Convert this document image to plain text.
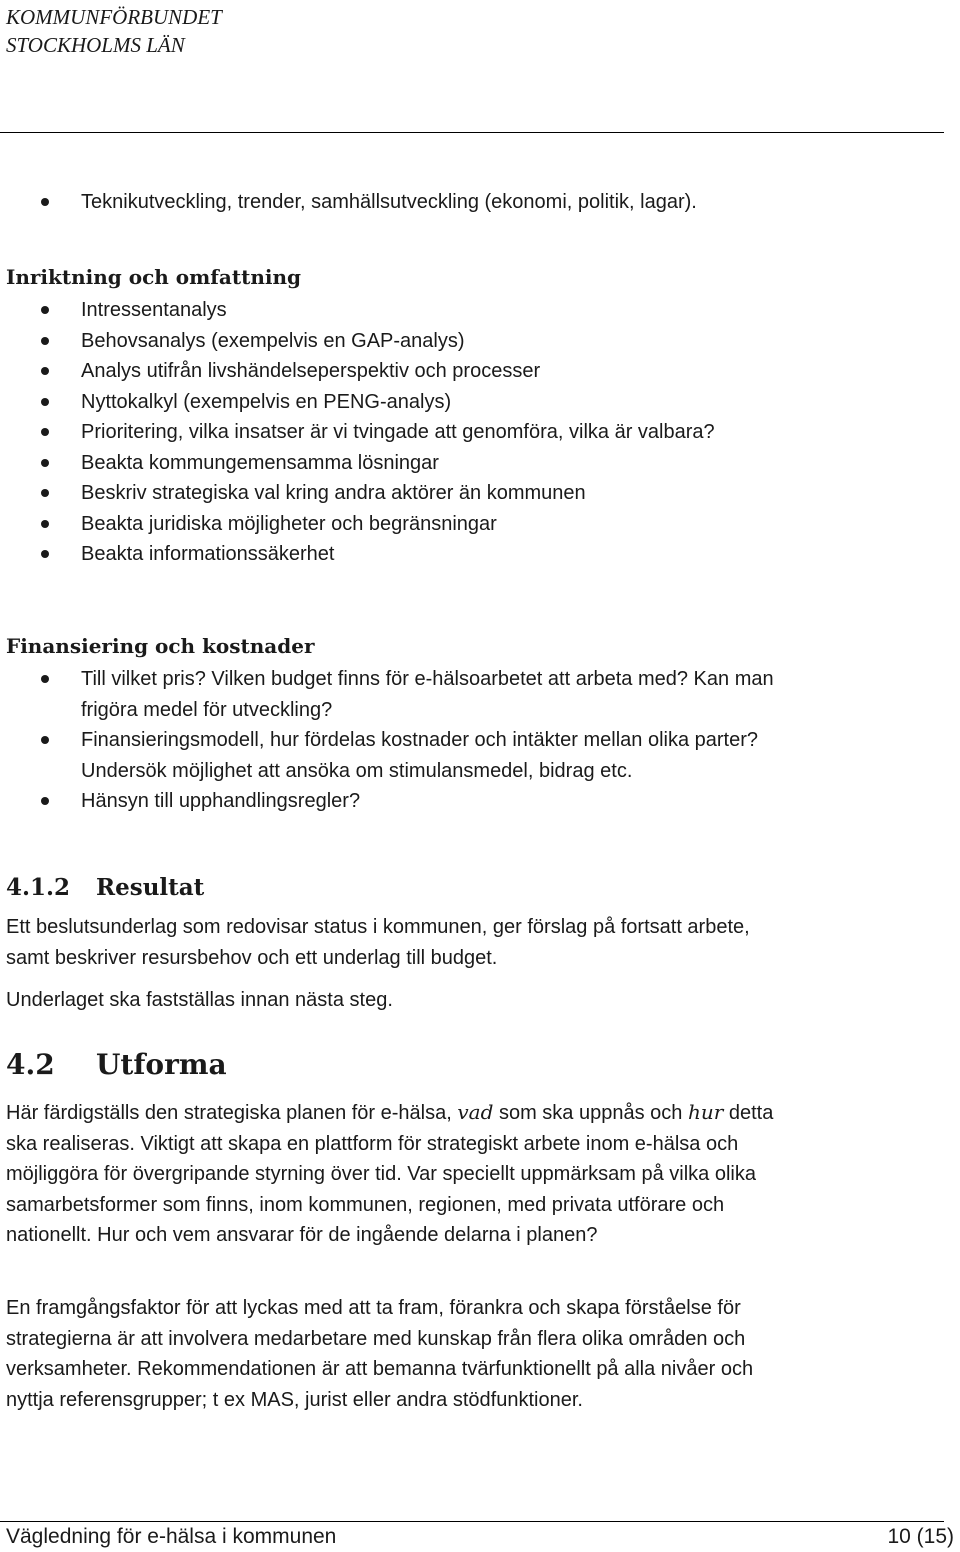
KOMMUNFÖRBUNDET
STOCKHOLMS LÄN
Teknikutveckling, trender, samhällsutveckling (ekonomi, politik, lagar).
Inriktning och omfattning
Intressentanalys
Behovsanalys (exempelvis en GAP-analys)
Analys utifrån livshändelseperspektiv och processer
Nyttokalkyl (exempelvis en PENG-analys)
Prioritering, vilka insatser är vi tvingade att genomföra, vilka är valbara?
Beakta kommungemensamma lösningar
Beskriv strategiska val kring andra aktörer än kommunen
Beakta juridiska möjligheter och begränsningar
Beakta informationssäkerhet
Finansiering och kostnader
Till vilket pris? Vilken budget finns för e-hälsoarbetet att arbeta med? Kan man frigöra medel för utveckling?
Finansieringsmodell, hur fördelas kostnader och intäkter mellan olika parter? Undersök möjlighet att ansöka om stimulansmedel, bidrag etc.
Hänsyn till upphandlingsregler?
4.1.2 Resultat

Ett beslutsunderlag som redovisar status i kommunen, ger förslag på fortsatt arbete, samt beskriver resursbehov och ett underlag till budget.

Underlaget ska fastställas innan nästa steg.

4.2 Utforma

Här färdigställs den strategiska planen för e-hälsa, vad som ska uppnås och hur detta ska realiseras. Viktigt att skapa en plattform för strategiskt arbete inom e-hälsa och möjliggöra för övergripande styrning över tid. Var speciellt uppmärksam på vilka olika samarbetsformer som finns, inom kommunen, regionen, med privata utförare och nationellt. Hur och vem ansvarar för de ingående delarna i planen?

En framgångsfaktor för att lyckas med att ta fram, förankra och skapa förståelse för strategierna är att involvera medarbetare med kunskap från flera olika områden och verksamheter. Rekommendationen är att bemanna tvärfunktionellt på alla nivåer och nyttja referensgrupper; t ex MAS, jurist eller andra stödfunktioner.

Vägledning för e-hälsa i kommunen	10 (15)
